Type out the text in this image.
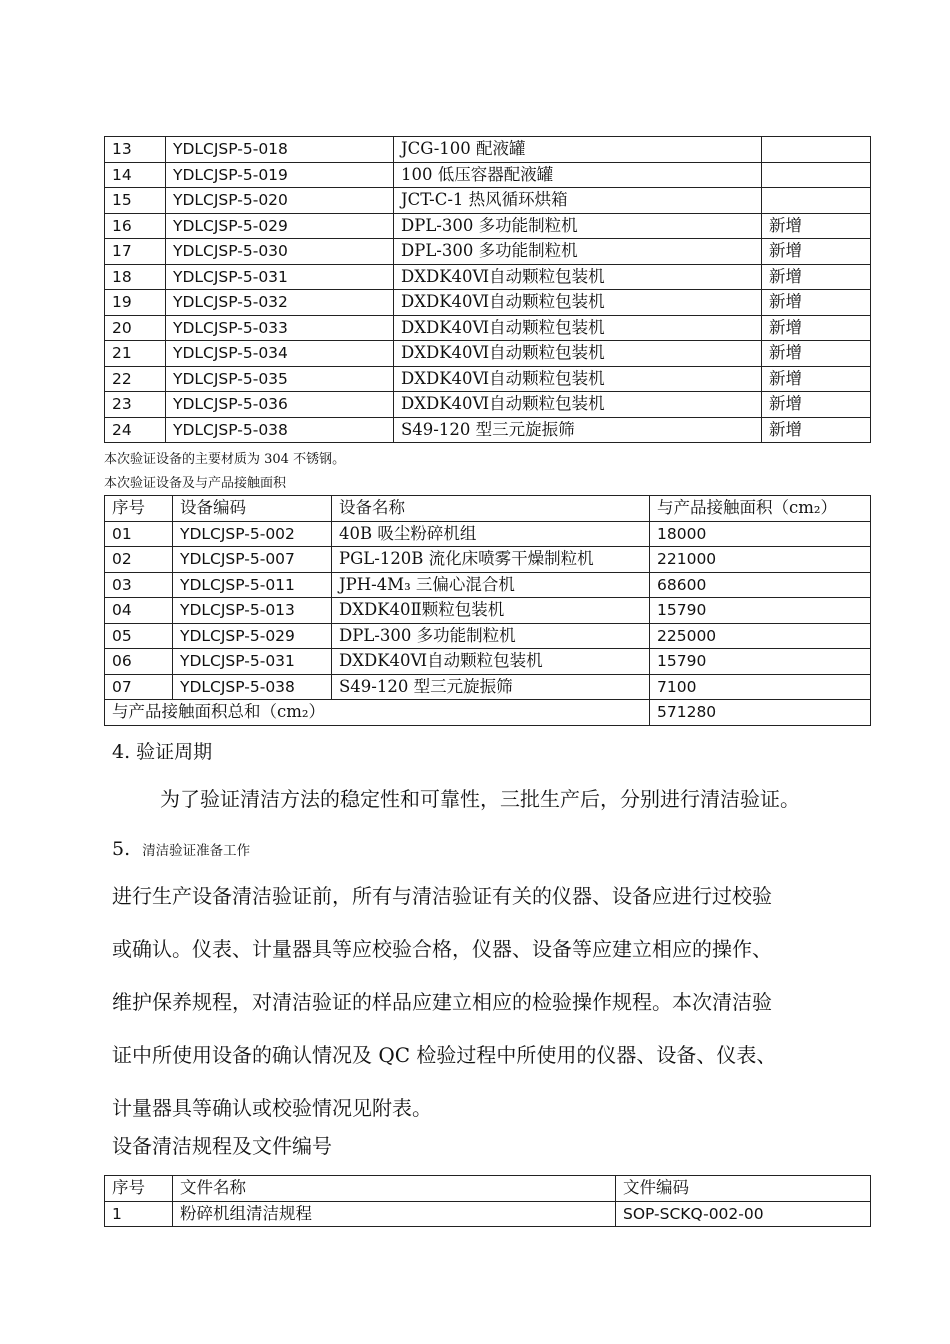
13	YDLCJSP-5-018	JCG-100 配液罐	
14	YDLCJSP-5-019	100 低压容器配液罐	
15	YDLCJSP-5-020	JCT-C-1 热风循环烘箱	
16	YDLCJSP-5-029	DPL-300 多功能制粒机	新增
17	YDLCJSP-5-030	DPL-300 多功能制粒机	新增
18	YDLCJSP-5-031	DXDK40Ⅵ自动颗粒包装机	新增
19	YDLCJSP-5-032	DXDK40Ⅵ自动颗粒包装机	新增
20	YDLCJSP-5-033	DXDK40Ⅵ自动颗粒包装机	新增
21	YDLCJSP-5-034	DXDK40Ⅵ自动颗粒包装机	新增
22	YDLCJSP-5-035	DXDK40Ⅵ自动颗粒包装机	新增
23	YDLCJSP-5-036	DXDK40Ⅵ自动颗粒包装机	新增
24	YDLCJSP-5-038	S49-120 型三元旋振筛	新增
本次验证设备的主要材质为 304 不锈钢。
本次验证设备及与产品接触面积
序号	设备编码	设备名称	与产品接触面积（cm₂）
01	YDLCJSP-5-002	40B 吸尘粉碎机组	18000
02	YDLCJSP-5-007	PGL-120B 流化床喷雾干燥制粒机	221000
03	YDLCJSP-5-011	JPH-4M₃ 三偏心混合机	68600
04	YDLCJSP-5-013	DXDK40Ⅱ颗粒包装机	15790
05	YDLCJSP-5-029	DPL-300 多功能制粒机	225000
06	YDLCJSP-5-031	DXDK40Ⅵ自动颗粒包装机	15790
07	YDLCJSP-5-038	S49-120 型三元旋振筛	7100
与产品接触面积总和（cm₂）			571280
4. 验证周期
为了验证清洁方法的稳定性和可靠性，三批生产后，分别进行清洁验证。
5. 清洁验证准备工作
进行生产设备清洁验证前，所有与清洁验证有关的仪器、设备应进行过校验
或确认。仪表、计量器具等应校验合格，仪器、设备等应建立相应的操作、
维护保养规程，对清洁验证的样品应建立相应的检验操作规程。本次清洁验
证中所使用设备的确认情况及 QC 检验过程中所使用的仪器、设备、仪表、
计量器具等确认或校验情况见附表。
设备清洁规程及文件编号
序号	文件名称	文件编码
1	粉碎机组清洁规程	SOP-SCKQ-002-00
